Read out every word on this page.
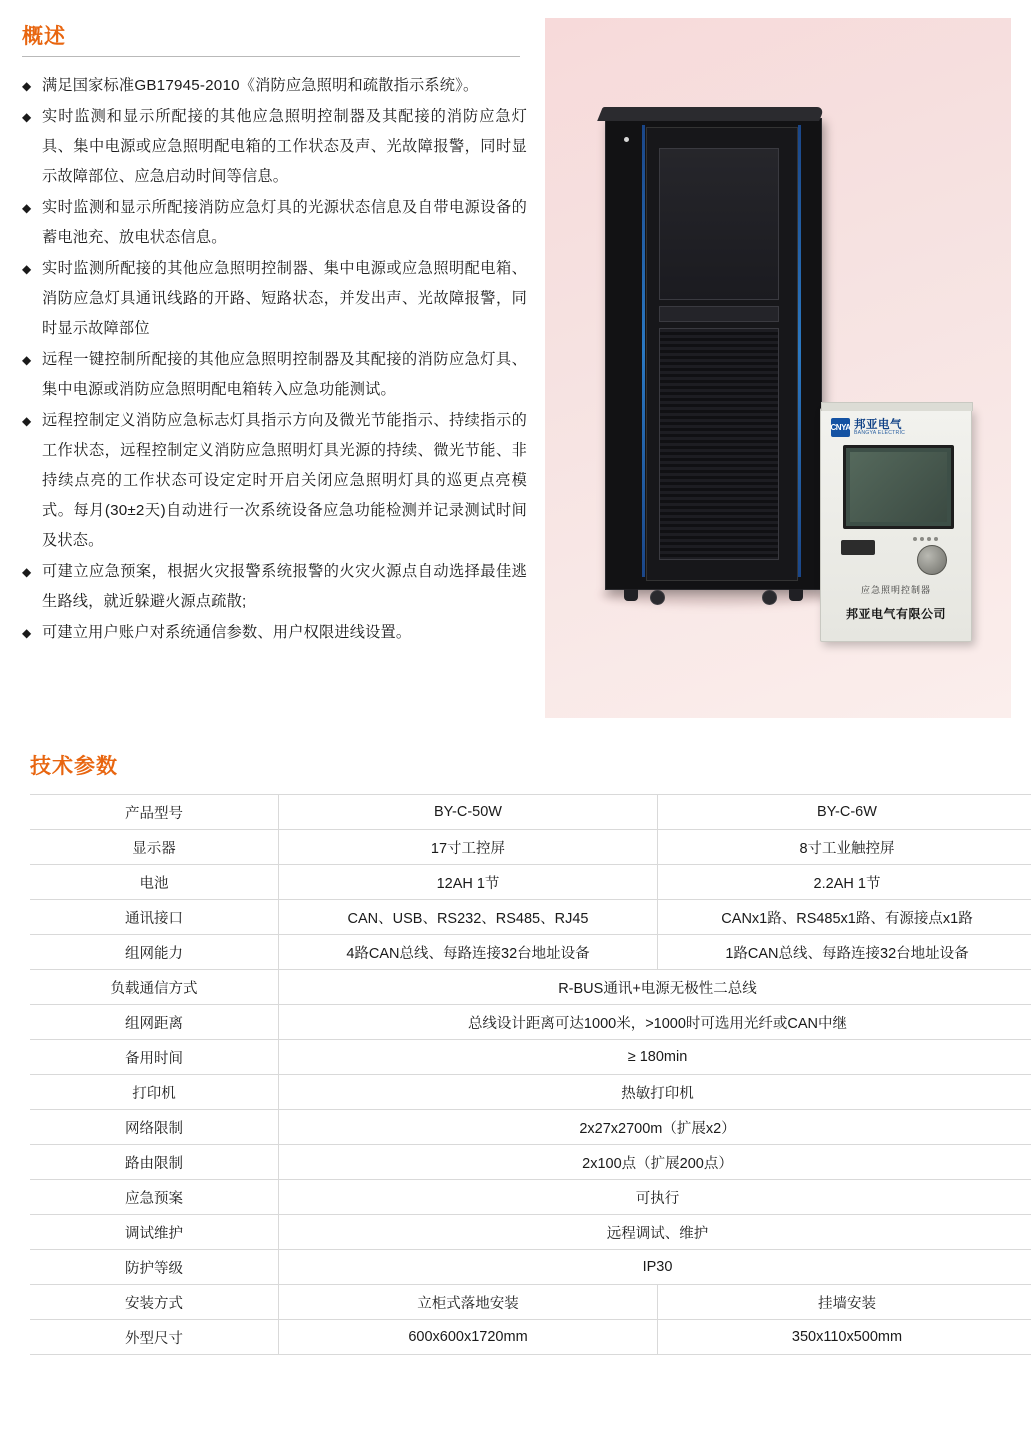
概述
◆ 满足国家标准GB17945-2010《消防应急照明和疏散指示系统》。
◆ 实时监测和显示所配接的其他应急照明控制器及其配接的消防应急灯具、集中电源或应急照明配电箱的工作状态及声、光故障报警，同时显示故障部位、应急启动时间等信息。
◆ 实时监测和显示所配接消防应急灯具的光源状态信息及自带电源设备的蓄电池充、放电状态信息。
◆ 实时监测所配接的其他应急照明控制器、集中电源或应急照明配电箱、消防应急灯具通讯线路的开路、短路状态，并发出声、光故障报警，同时显示故障部位
◆ 远程一键控制所配接的其他应急照明控制器及其配接的消防应急灯具、集中电源或消防应急照明配电箱转入应急功能测试。
◆ 远程控制定义消防应急标志灯具指示方向及微光节能指示、持续指示的工作状态，远程控制定义消防应急照明灯具光源的持续、微光节能、非持续点亮的工作状态可设定定时开启关闭应急照明灯具的巡更点亮模式。每月(30±2天)自动进行一次系统设备应急功能检测并记录测试时间及状态。
◆ 可建立应急预案，根据火灾报警系统报警的火灾火源点自动选择最佳逃生路线，就近躲避火源点疏散;
◆ 可建立用户账户对系统通信参数、用户权限进线设置。
CNYA 邦亚电气
BANGYA ELECTRIC
应急照明控制器
邦亚电气有限公司
技术参数
产品型号	BY-C-50W	BY-C-6W
显示器	17寸工控屏	8寸工业触控屏
电池	12AH 1节	2.2AH 1节
通讯接口	CAN、USB、RS232、RS485、RJ45	CANx1路、RS485x1路、有源接点x1路
组网能力	4路CAN总线、每路连接32台地址设备	1路CAN总线、每路连接32台地址设备
负载通信方式	R-BUS通讯+电源无极性二总线	
组网距离	总线设计距离可达1000米，>1000时可选用光纤或CAN中继	
备用时间	≥ 180min	
打印机	热敏打印机	
网络限制	2x27x2700m（扩展x2）	
路由限制	2x100点（扩展200点）	
应急预案	可执行	
调试维护	远程调试、维护	
防护等级	IP30	
安装方式	立柜式落地安装	挂墙安装
外型尺寸	600x600x1720mm	350x110x500mm
